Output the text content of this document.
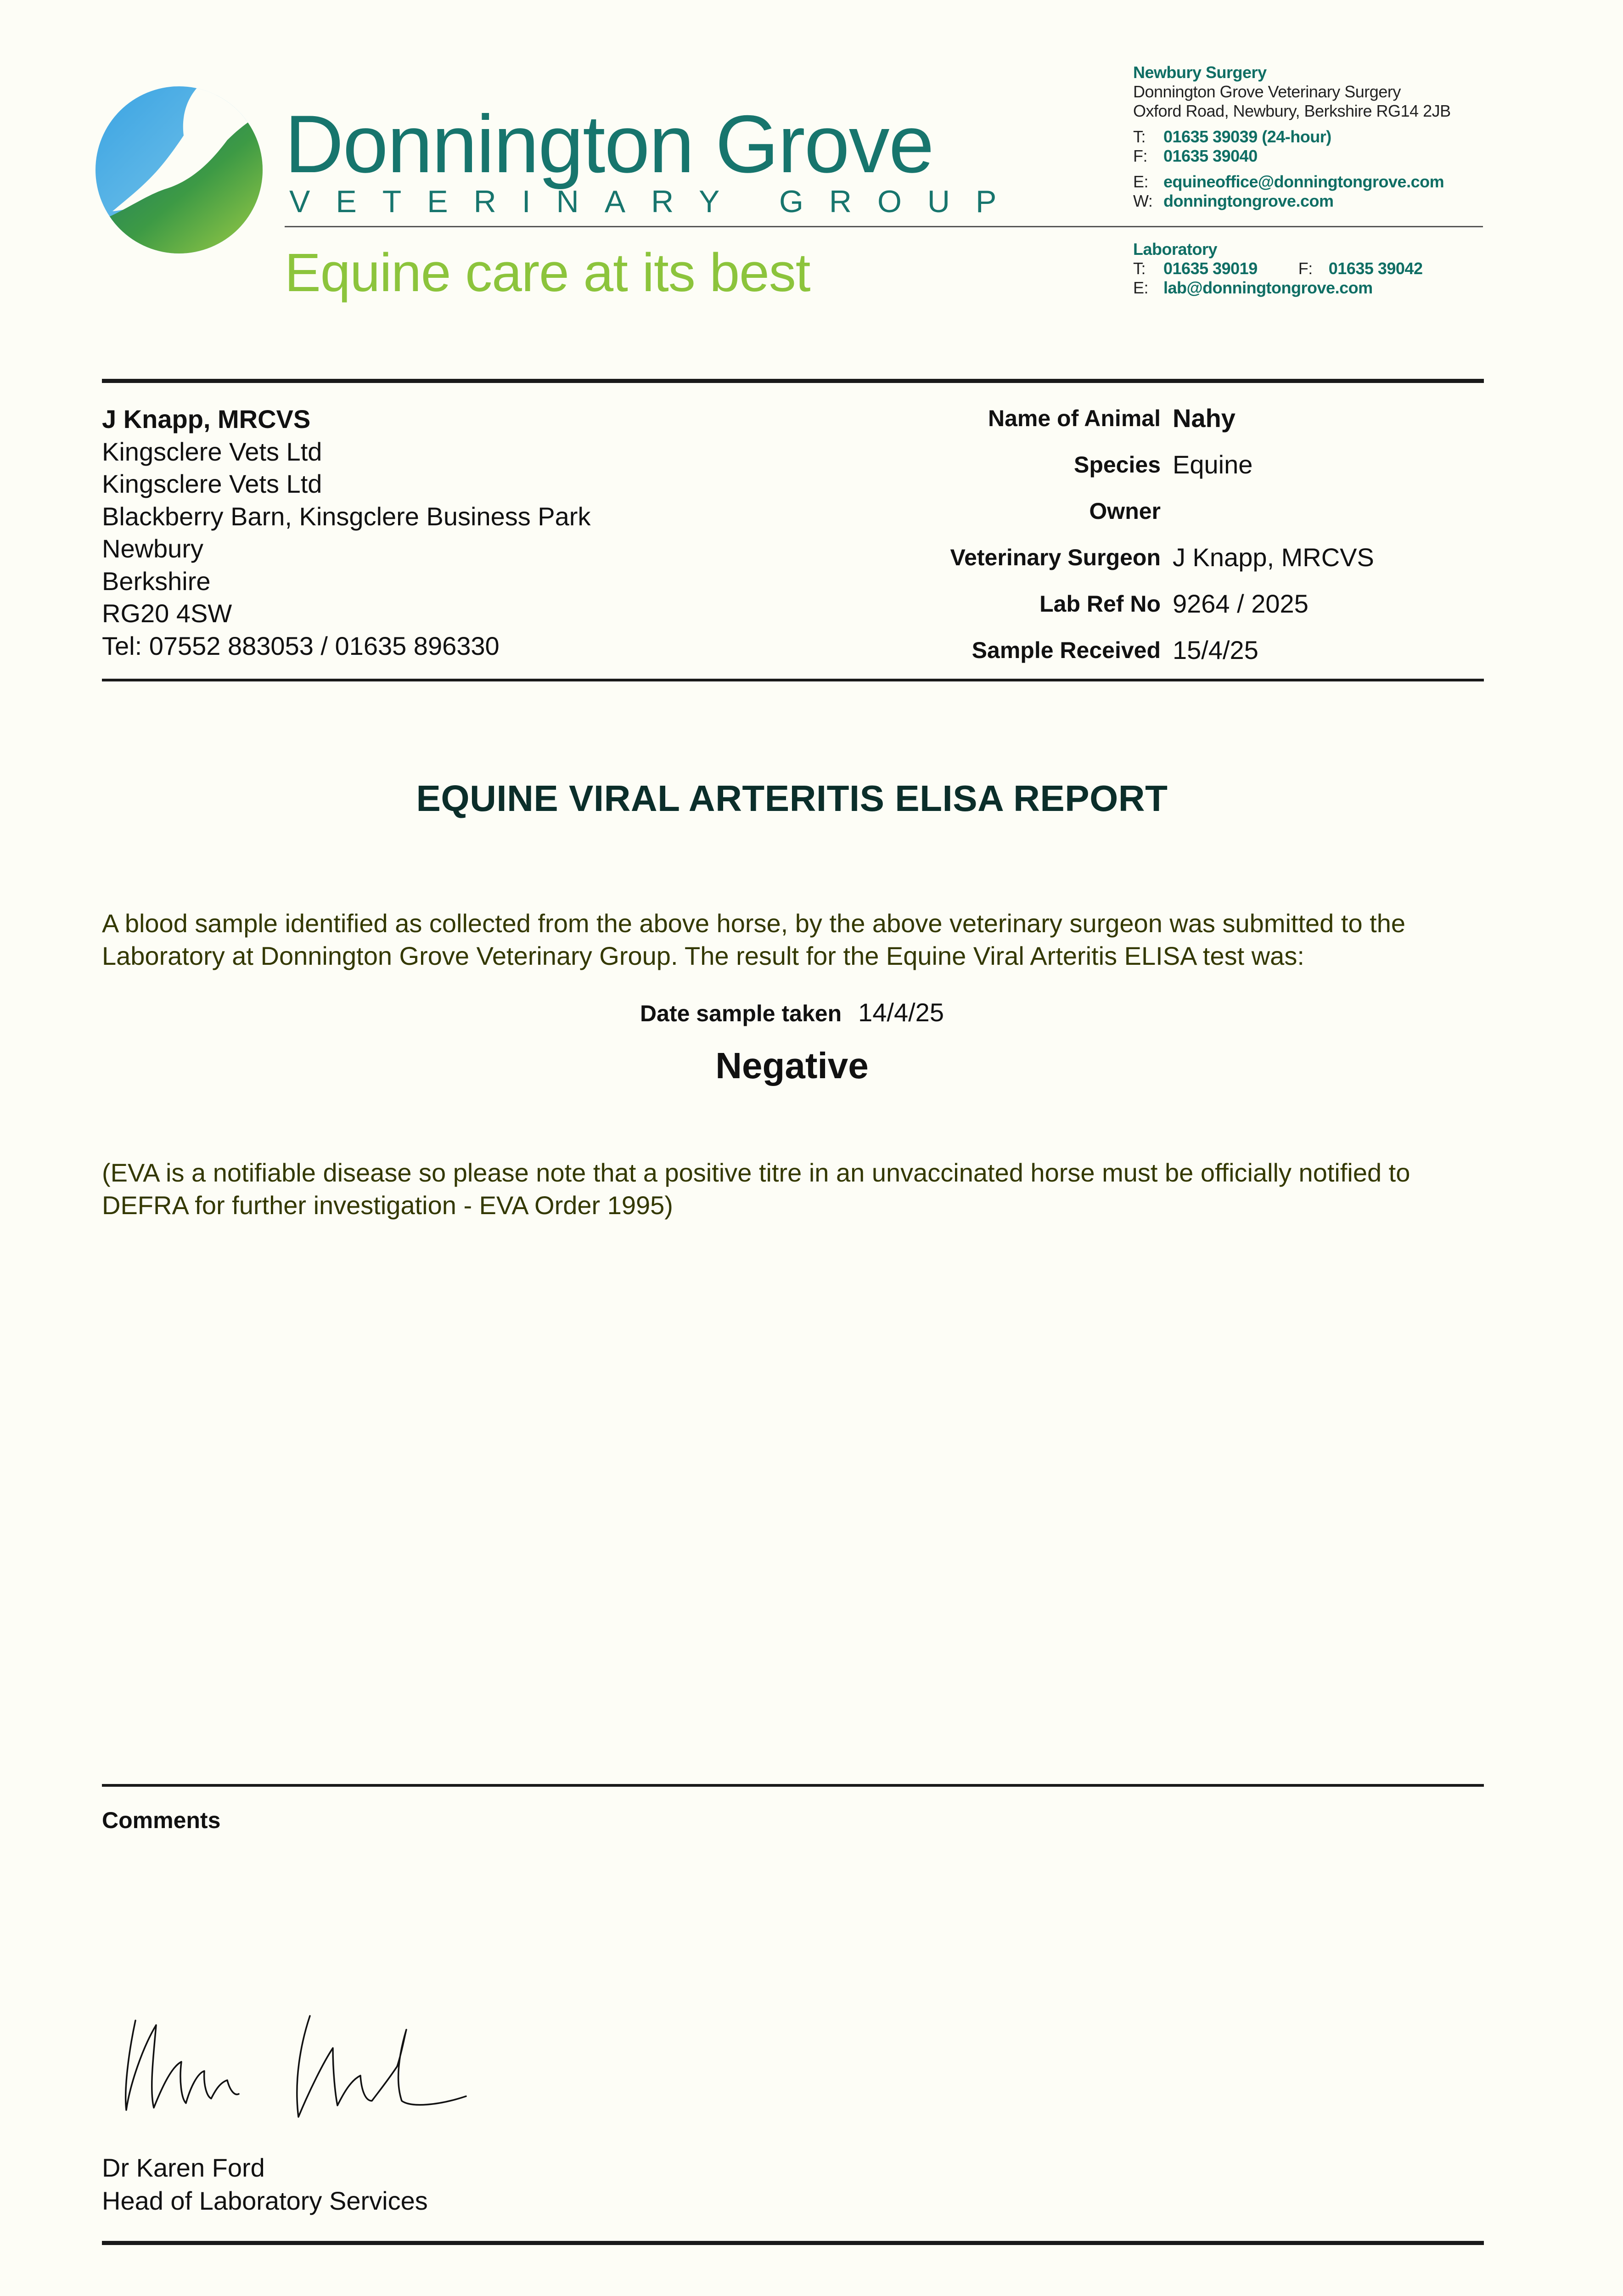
Donnington Grove
VETERINARY GROUP
Equine care at its best
Newbury Surgery
Donnington Grove Veterinary Surgery
Oxford Road, Newbury, Berkshire RG14 2JB
T: 01635 39039 (24-hour)
F: 01635 39040
E: equineoffice@donningtongrove.com
W: donningtongrove.com
Laboratory
T: 01635 39019 F: 01635 39042
E: lab@donningtongrove.com
J Knapp, MRCVS
Kingsclere Vets Ltd
Kingsclere Vets Ltd
Blackberry Barn, Kinsgclere Business Park
Newbury
Berkshire
RG20 4SW
Tel: 07552 883053 / 01635 896330
Name of Animal Nahy
Species Equine
Owner
Veterinary Surgeon J Knapp, MRCVS
Lab Ref No 9264 / 2025
Sample Received 15/4/25
EQUINE VIRAL ARTERITIS ELISA REPORT
A blood sample identified as collected from the above horse, by the above veterinary surgeon was submitted to the Laboratory at Donnington Grove Veterinary Group. The result for the Equine Viral Arteritis ELISA test was:
Date sample taken 14/4/25
Negative
(EVA is a notifiable disease so please note that a positive titre in an unvaccinated horse must be officially notified to DEFRA for further investigation - EVA Order 1995)
Comments
Dr Karen Ford
Head of Laboratory Services
